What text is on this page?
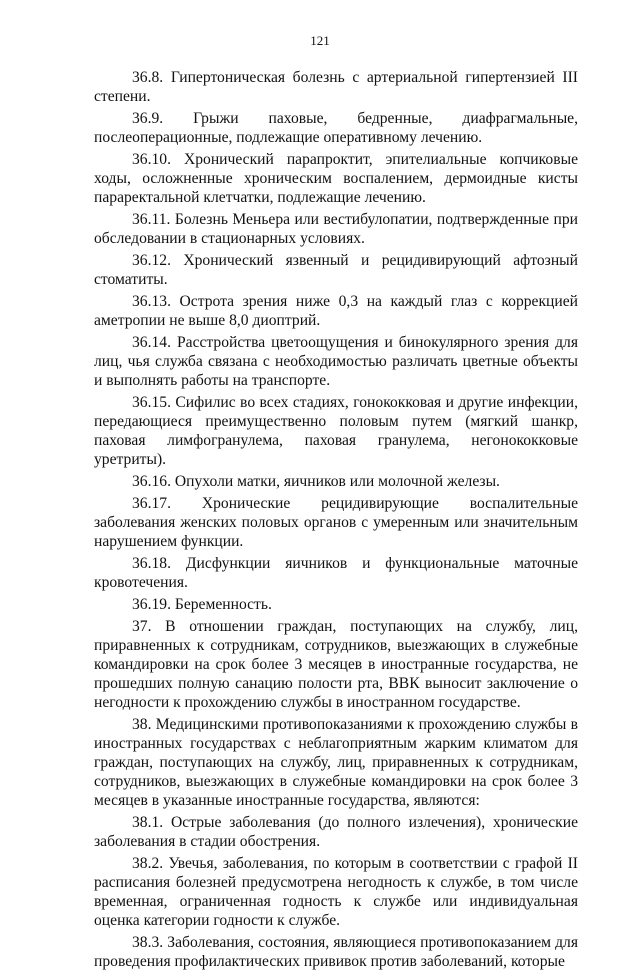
121

36.8. Гипертоническая болезнь с артериальной гипертензией III степени.

36.9. Грыжи паховые, бедренные, диафрагмальные, послеоперационные, подлежащие оперативному лечению.

36.10. Хронический парапроктит, эпителиальные копчиковые ходы, осложненные хроническим воспалением, дермоидные кисты параректальной клетчатки, подлежащие лечению.

36.11. Болезнь Меньера или вестибулопатии, подтвержденные при обследовании в стационарных условиях.

36.12. Хронический язвенный и рецидивирующий афтозный стоматиты.

36.13. Острота зрения ниже 0,3 на каждый глаз с коррекцией аметропии не выше 8,0 диоптрий.

36.14. Расстройства цветоощущения и бинокулярного зрения для лиц, чья служба связана с необходимостью различать цветные объекты и выполнять работы на транспорте.

36.15. Сифилис во всех стадиях, гонококковая и другие инфекции, передающиеся преимущественно половым путем (мягкий шанкр, паховая лимфогранулема, паховая гранулема, негонококковые уретриты).

36.16. Опухоли матки, яичников или молочной железы.

36.17. Хронические рецидивирующие воспалительные заболевания женских половых органов с умеренным или значительным нарушением функции.

36.18. Дисфункции яичников и функциональные маточные кровотечения.

36.19. Беременность.

37. В отношении граждан, поступающих на службу, лиц, приравненных к сотрудникам, сотрудников, выезжающих в служебные командировки на срок более 3 месяцев в иностранные государства, не прошедших полную санацию полости рта, ВВК выносит заключение о негодности к прохождению службы в иностранном государстве.

38. Медицинскими противопоказаниями к прохождению службы в иностранных государствах с неблагоприятным жарким климатом для граждан, поступающих на службу, лиц, приравненных к сотрудникам, сотрудников, выезжающих в служебные командировки на срок более 3 месяцев в указанные иностранные государства, являются:

38.1. Острые заболевания (до полного излечения), хронические заболевания в стадии обострения.

38.2. Увечья, заболевания, по которым в соответствии с графой II расписания болезней предусмотрена негодность к службе, в том числе временная, ограниченная годность к службе или индивидуальная оценка категории годности к службе.

38.3. Заболевания, состояния, являющиеся противопоказанием для проведения профилактических прививок против заболеваний, которые
